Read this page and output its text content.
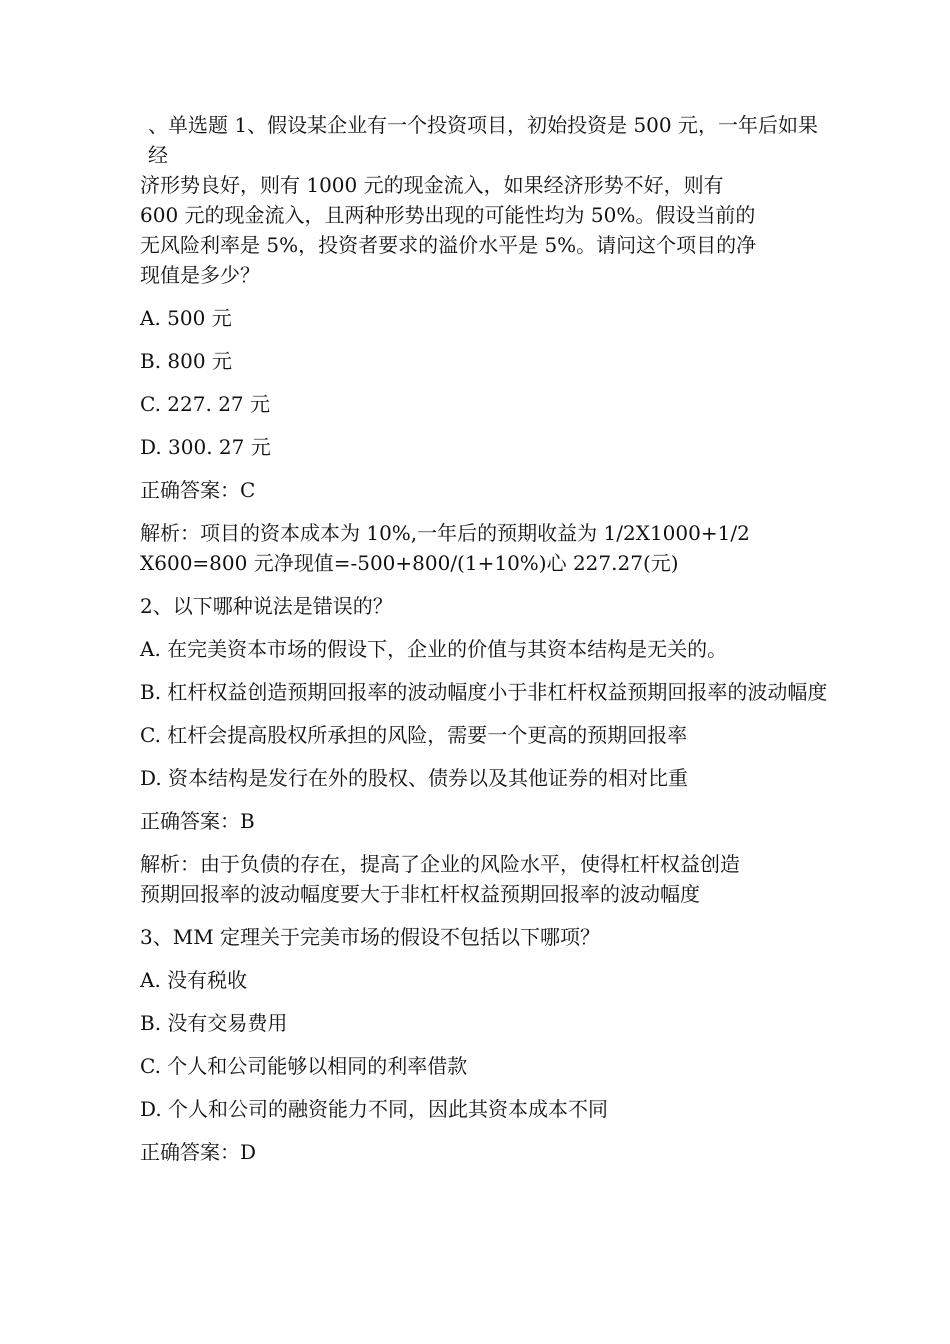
、单选题 1、假设某企业有一个投资项目，初始投资是 500 元，一年后如果经
济形势良好，则有 1000 元的现金流入，如果经济形势不好，则有
600 元的现金流入，且两种形势出现的可能性均为 50%。假设当前的
无风险利率是 5%，投资者要求的溢价水平是 5%。请问这个项目的净
现值是多少？
A. 500 元
B. 800 元
C. 227. 27 元
D. 300. 27 元
正确答案：C
解析：项目的资本成本为 10%,一年后的预期收益为 1/2X1000+1/2
X600=800 元净现值=-500+800/(1+10%)心 227.27(元)
2、以下哪种说法是错误的？
A. 在完美资本市场的假设下，企业的价值与其资本结构是无关的。
B. 杠杆权益创造预期回报率的波动幅度小于非杠杆权益预期回报率的波动幅度
C. 杠杆会提高股权所承担的风险，需要一个更高的预期回报率
D. 资本结构是发行在外的股权、债券以及其他证券的相对比重
正确答案：B
解析：由于负债的存在，提高了企业的风险水平，使得杠杆权益创造
预期回报率的波动幅度要大于非杠杆权益预期回报率的波动幅度
3、MM 定理关于完美市场的假设不包括以下哪项？
A. 没有税收
B. 没有交易费用
C. 个人和公司能够以相同的利率借款
D. 个人和公司的融资能力不同，因此其资本成本不同
正确答案：D
